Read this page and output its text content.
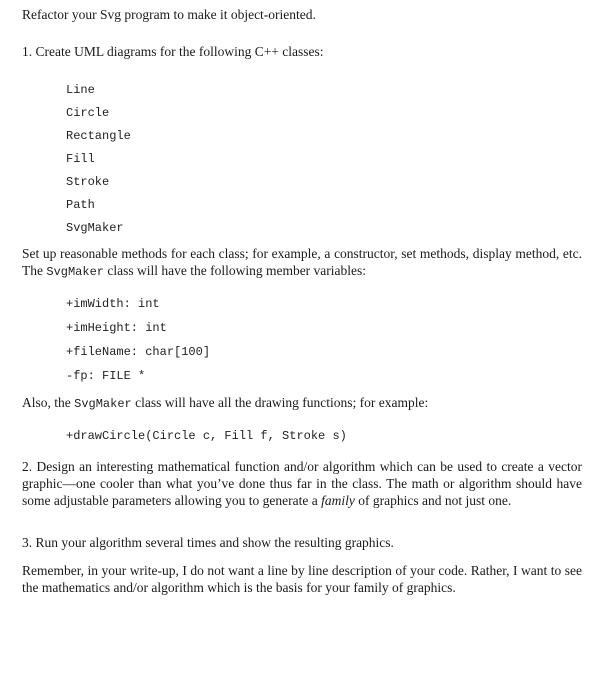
Refactor your Svg program to make it object-oriented.
1. Create UML diagrams for the following C++ classes:
Line
Circle
Rectangle
Fill
Stroke
Path
SvgMaker
Set up reasonable methods for each class; for example, a constructor, set methods, display method, etc. The SvgMaker class will have the following member variables:
+imWidth: int
+imHeight: int
+fileName: char[100]
-fp: FILE *
Also, the SvgMaker class will have all the drawing functions; for example:
+drawCircle(Circle c, Fill f, Stroke s)
2. Design an interesting mathematical function and/or algorithm which can be used to create a vector graphic—one cooler than what you’ve done thus far in the class. The math or algorithm should have some adjustable parameters allowing you to generate a family of graphics and not just one.
3. Run your algorithm several times and show the resulting graphics.
Remember, in your write-up, I do not want a line by line description of your code. Rather, I want to see the mathematics and/or algorithm which is the basis for your family of graphics.
